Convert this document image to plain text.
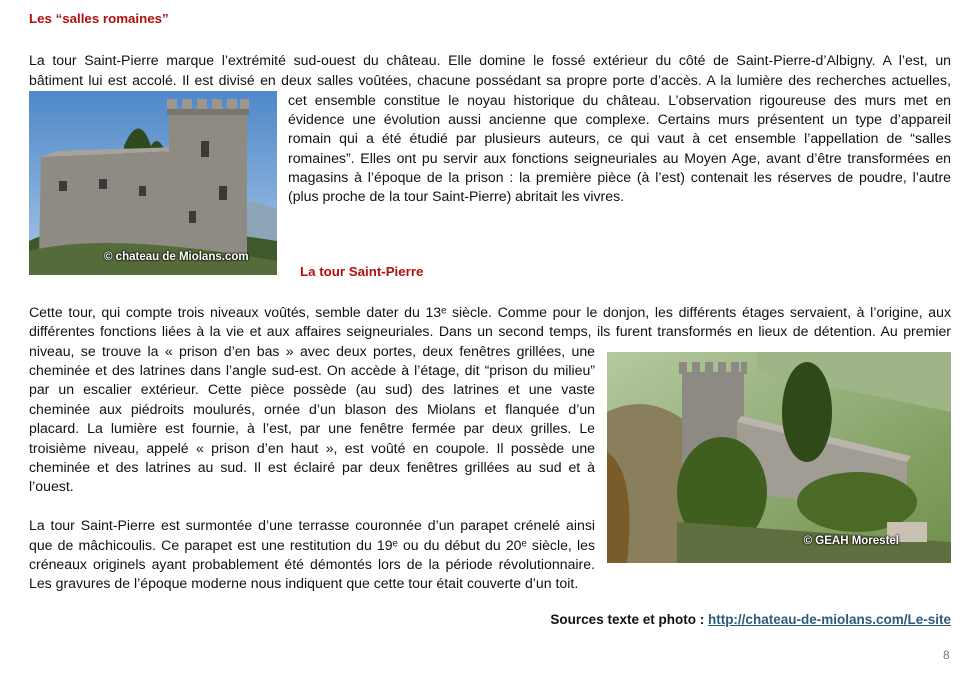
Les “salles romaines”
La tour Saint-Pierre marque l’extrémité sud-ouest du château. Elle domine le fossé extérieur du côté de Saint-Pierre-d’Albigny. A l’est, un
bâtiment lui est accolé. Il est divisé en deux salles voûtées, chacune possédant sa propre porte d’accès. A la lumière des recherches actuelles,
cet ensemble constitue le noyau historique du château. L’observation rigoureuse des murs met en
évidence une évolution aussi ancienne que complexe. Certains murs présentent un type d’appareil
romain qui a été étudié par plusieurs auteurs, ce qui vaut à cet ensemble l’appellation de “salles
romaines”. Elles ont pu servir aux fonctions seigneuriales au Moyen Age, avant d’être transformées en
magasins à l’époque de la prison : la première pièce (à l’est) contenait les réserves de poudre, l’autre
(plus proche de la tour Saint-Pierre) abritait les vivres.
© chateau de Miolans.com
La tour Saint-Pierre
Cette tour, qui compte trois niveaux voûtés, semble dater du 13ᵉ siècle. Comme pour le donjon, les différents étages servaient, à l’origine, aux
différentes fonctions liées à la vie et aux affaires seigneuriales. Dans un second temps, ils furent transformés en lieux de détention. Au premier
niveau, se trouve la « prison d’en bas » avec deux portes, deux fenêtres grillées, une
cheminée et des latrines dans l’angle sud-est. On accède à l’étage, dit “prison du milieu”
par un escalier extérieur. Cette pièce possède (au sud) des latrines et une vaste
cheminée aux piédroits moulurés, ornée d’un blason des Miolans et flanquée d’un
placard. La lumière est fournie, à l’est, par une fenêtre fermée par deux grilles. Le
troisième niveau, appelé « prison d’en haut », est voûté en coupole. Il possède une
cheminée et des latrines au sud. Il est éclairé par deux fenêtres grillées au sud et à
l’ouest.
La tour Saint-Pierre est surmontée d’une terrasse couronnée d’un parapet crénelé ainsi
que de mâchicoulis. Ce parapet est une restitution du 19ᵉ ou du début du 20ᵉ siècle, les
créneaux originels ayant probablement été démontés lors de la période révolutionnaire.
Les gravures de l’époque moderne nous indiquent que cette tour était couverte d’un toit.
© GEAH Morestel
Sources texte et photo : http://chateau-de-miolans.com/Le-site
8
